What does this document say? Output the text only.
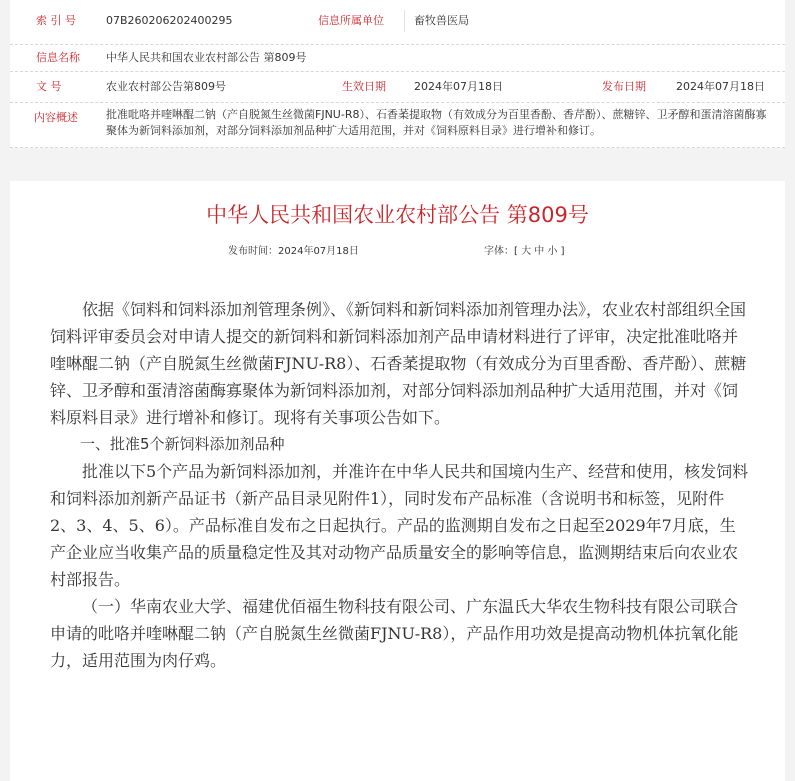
索 引 号	07B260206202400295	信息所属单位	畜牧兽医局
信息名称 中华人民共和国农业农村部公告 第809号
文 号	农业农村部公告第809号	生效日期	2024年07月18日	发布日期	2024年07月18日
内容概述	批准吡咯并喹啉醌二钠（产自脱氮生丝微菌FJNU-R8）、石香葇提取物（有效成分为百里香酚、香芹酚）、蔗糖锌、卫矛醇和蛋清溶菌酶寡聚体为新饲料添加剂，对部分饲料添加剂品种扩大适用范围，并对《饲料原料目录》进行增补和修订。
中华人民共和国农业农村部公告 第809号
发布时间：2024年07月18日	字体：[ 大 中 小 ]

依据《饲料和饲料添加剂管理条例》、《新饲料和新饲料添加剂管理办法》，农业农村部组织全国饲料评审委员会对申请人提交的新饲料和新饲料添加剂产品申请材料进行了评审，决定批准吡咯并喹啉醌二钠（产自脱氮生丝微菌FJNU-R8）、石香葇提取物（有效成分为百里香酚、香芹酚）、蔗糖锌、卫矛醇和蛋清溶菌酶寡聚体为新饲料添加剂，对部分饲料添加剂品种扩大适用范围，并对《饲料原料目录》进行增补和修订。现将有关事项公告如下。

一、批准5个新饲料添加剂品种

批准以下5个产品为新饲料添加剂，并准许在中华人民共和国境内生产、经营和使用，核发饲料和饲料添加剂新产品证书（新产品目录见附件1），同时发布产品标准（含说明书和标签，见附件2、3、4、5、6）。产品标准自发布之日起执行。产品的监测期自发布之日起至2029年7月底，生产企业应当收集产品的质量稳定性及其对动物产品质量安全的影响等信息，监测期结束后向农业农村部报告。

（一）华南农业大学、福建优佰福生物科技有限公司、广东温氏大华农生物科技有限公司联合申请的吡咯并喹啉醌二钠（产自脱氮生丝微菌FJNU-R8），产品作用功效是提高动物机体抗氧化能力，适用范围为肉仔鸡。
